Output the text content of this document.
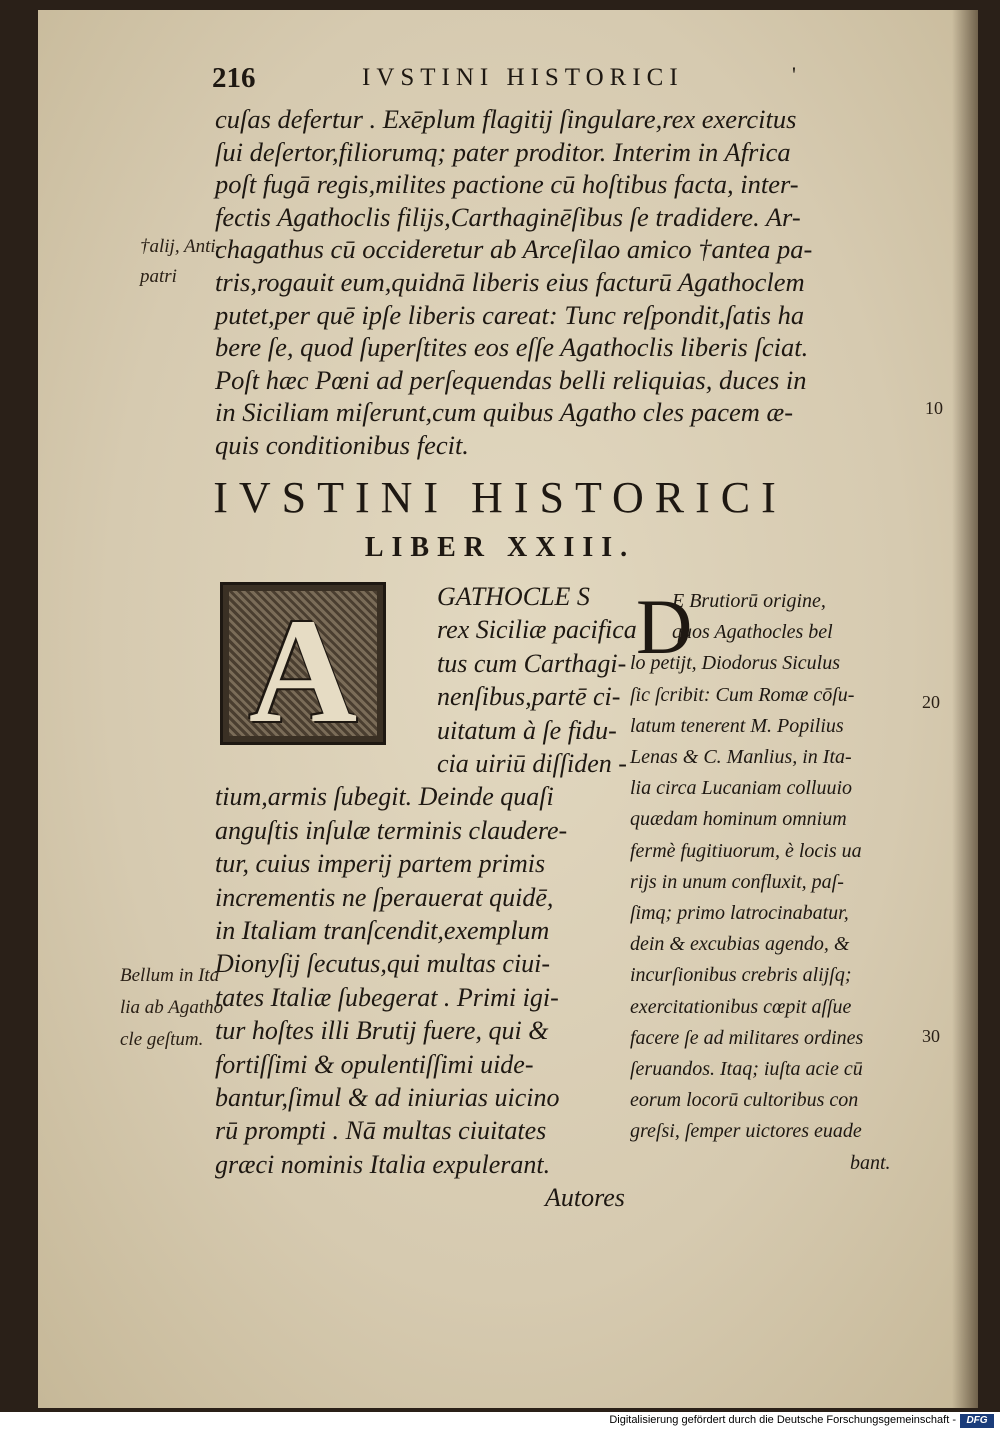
216	IVSTINI HISTORICI	'
cuſas defertur . Exēplum flagitij ſingulare,rex exercitus
ſui deſertor,filiorumq; pater proditor. Interim in Africa
poſt fugā regis,milites pactione cū hoſtibus facta, inter-
fectis Agathoclis filijs,Carthaginēſibus ſe tradidere. Ar-
chagathus cū occideretur ab Arceſilao amico †antea pa-
tris,rogauit eum,quidnā liberis eius facturū Agathoclem
putet,per quē ipſe liberis careat: Tunc reſpondit,ſatis ha
bere ſe, quod ſuperſtites eos eſſe Agathoclis liberis ſciat.
Poſt hæc Pœni ad perſequendas belli reliquias, duces in
in Siciliam miſerunt,cum quibus Agatho cles pacem æ-
quis conditionibus fecit.
†alij, Anti-
patri
10
IVSTINI HISTORICI
LIBER XXIII.
A	GATHOCLE S
rex Siciliæ pacifica
tus cum Carthagi-
nenſibus,partē ci-
uitatum à ſe fidu-
cia uiriū diſſiden -
tium,armis ſubegit. Deinde quaſi
anguſtis inſulæ terminis claudere-
tur, cuius imperij partem primis
incrementis ne ſperauerat quidē,
in Italiam tranſcendit,exemplum
Dionyſij ſecutus,qui multas ciui-
tates Italiæ ſubegerat . Primi igi-
tur hoſtes illi Brutij fuere, qui &
fortiſſimi & opulentiſſimi uide-
bantur,ſimul & ad iniurias uicino
rū prompti . Nā multas ciuitates
græci nominis Italia expulerant.
Autores
Bellum in Ita
lia ab Agatho
cle geſtum.
D
E Brutiorū origine,
quos Agathocles bel
lo petijt, Diodorus Siculus
ſic ſcribit: Cum Romæ cōſu-
latum tenerent M. Popilius
Lenas & C. Manlius, in Ita-
lia circa Lucaniam colluuio
quædam hominum omnium
fermè fugitiuorum, è locis ua
rijs in unum confluxit, paſ-
ſimq; primo latrocinabatur,
dein & excubias agendo, &
incurſionibus crebris alijſq;
exercitationibus cœpit aſſue
facere ſe ad militares ordines
ſeruandos. Itaq; iuſta acie cū
eorum locorū cultoribus con
greſsi, ſemper uictores euade
bant.
20
30
Digitalisierung gefördert durch die Deutsche Forschungsgemeinschaft -	DFG
